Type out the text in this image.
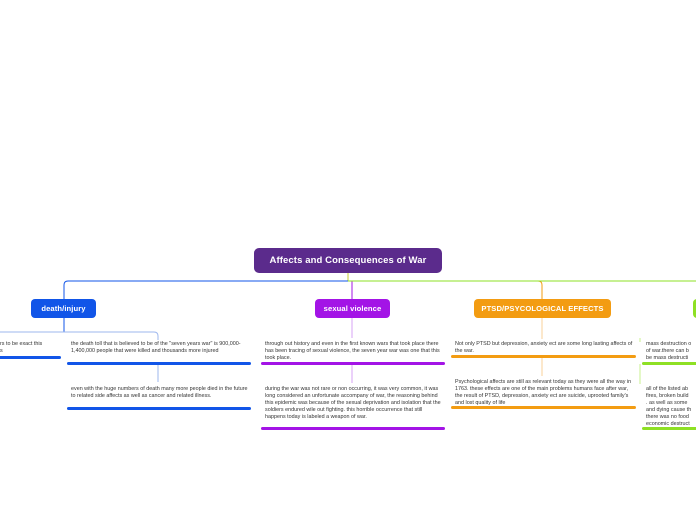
Affects and Consequences of War
death/injury	sexual violence	PTSD/PSYCOLOGICAL EFFECTS
rs to be exact this
s
the death toll that is believed to be of the "seven years war" is 900,000-1,400,000 people that were killed and thousands more injured
even with the huge numbers of death many more people died in the future to related side affects as well as cancer and related illness.
through out history and even in the first known wars that took place there has been tracing of sexual violence, the seven year war was one that this took place.
during the war was not rare or non occurring, it was very common, it was long considered an unfortunate accompany of war, the reasoning behind this epidemic was because of the sexual deprivation and isolation that the soldiers endured wile out fighting. this horrible occurrence that still happens today is labeled a weapon of war.
Not only PTSD but depression, anxiety ect are some long lasting affects of the war.
Psychological affects are still as relevant today as they were all the way in 1763. these effects are one of the main problems humans face after war, the result of PTSD, depression, anxiety ect are suicide, uprooted family's and lost quality of life
mass destruction o
of war.there can b
be mass destructi
all of the listed ab
fires, broken build
. as well as some
and dying cause th
there was no food
economic destruct
